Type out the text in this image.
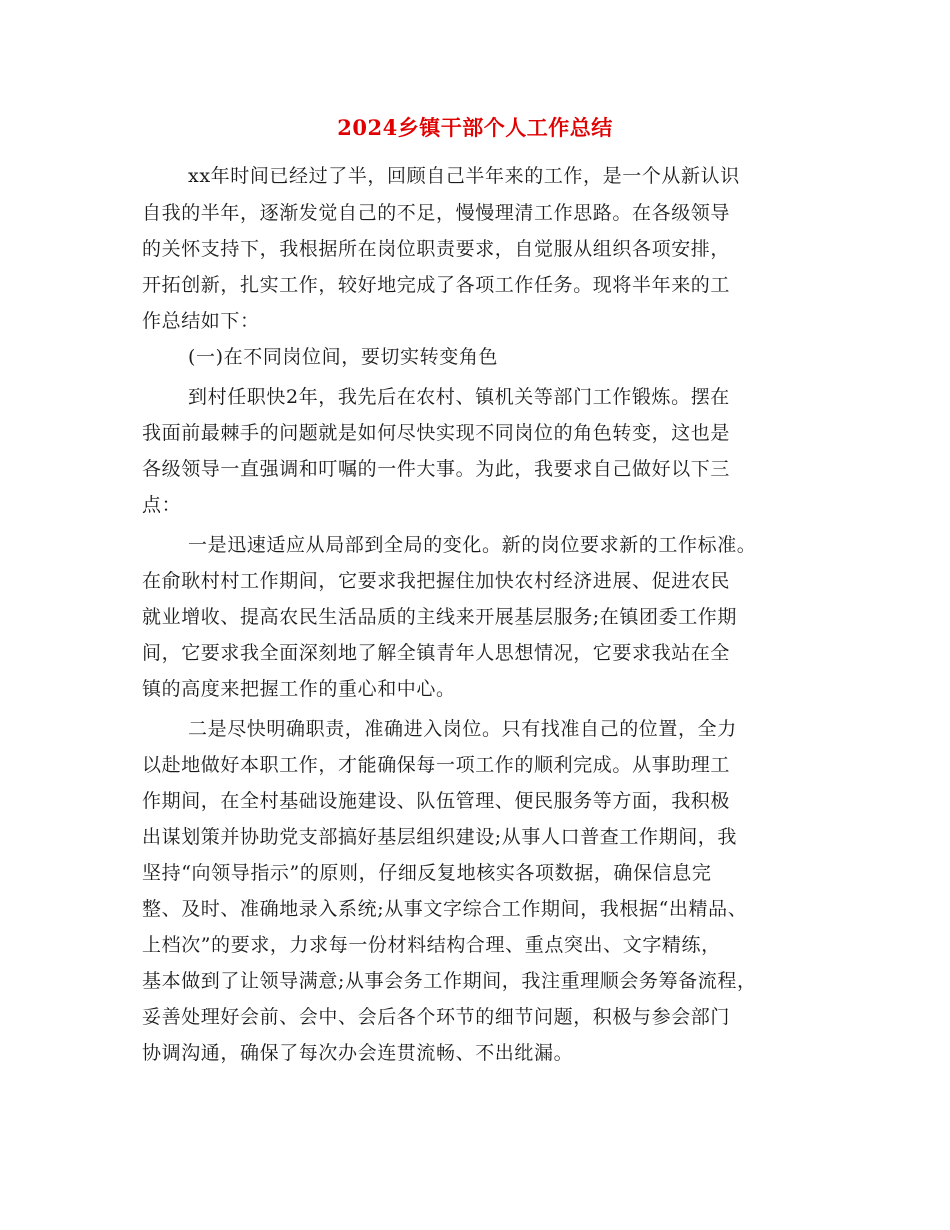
2024乡镇干部个人工作总结
xx年时间已经过了半，回顾自己半年来的工作，是一个从新认识
自我的半年，逐渐发觉自己的不足，慢慢理清工作思路。在各级领导
的关怀支持下，我根据所在岗位职责要求，自觉服从组织各项安排，
开拓创新，扎实工作，较好地完成了各项工作任务。现将半年来的工
作总结如下：
(一)在不同岗位间，要切实转变角色
到村任职快2年，我先后在农村、镇机关等部门工作锻炼。摆在
我面前最棘手的问题就是如何尽快实现不同岗位的角色转变，这也是
各级领导一直强调和叮嘱的一件大事。为此，我要求自己做好以下三
点：
一是迅速适应从局部到全局的变化。新的岗位要求新的工作标准。
在俞耿村村工作期间，它要求我把握住加快农村经济进展、促进农民
就业增收、提高农民生活品质的主线来开展基层服务;在镇团委工作期
间，它要求我全面深刻地了解全镇青年人思想情况，它要求我站在全
镇的高度来把握工作的重心和中心。
二是尽快明确职责，准确进入岗位。只有找准自己的位置，全力
以赴地做好本职工作，才能确保每一项工作的顺利完成。从事助理工
作期间，在全村基础设施建设、队伍管理、便民服务等方面，我积极
出谋划策并协助党支部搞好基层组织建设;从事人口普查工作期间，我
坚持“向领导指示”的原则，仔细反复地核实各项数据，确保信息完
整、及时、准确地录入系统;从事文字综合工作期间，我根据“出精品、
上档次”的要求，力求每一份材料结构合理、重点突出、文字精练，
基本做到了让领导满意;从事会务工作期间，我注重理顺会务筹备流程，
妥善处理好会前、会中、会后各个环节的细节问题，积极与参会部门
协调沟通，确保了每次办会连贯流畅、不出纰漏。
